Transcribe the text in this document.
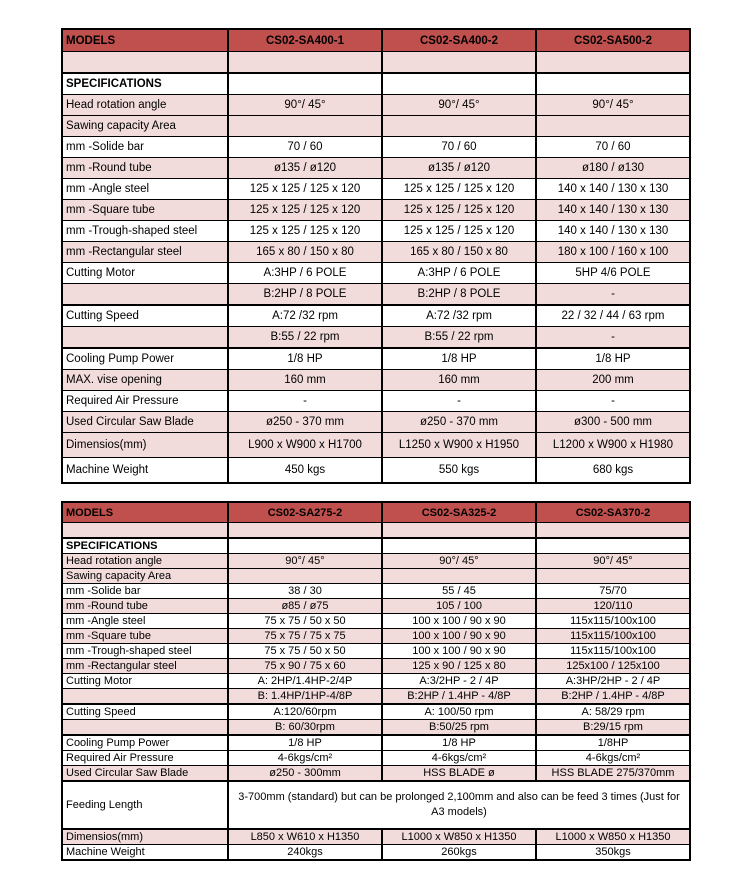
MODELS	CS02-SA400-1	CS02-SA400-2	CS02-SA500-2

SPECIFICATIONS			
Head rotation angle	90°/ 45°	90°/ 45°	90°/ 45°
Sawing capacity Area			
mm -Solide bar	70 / 60	70 / 60	70 / 60
mm -Round tube	ø135 / ø120	ø135 / ø120	ø180 / ø130
mm -Angle steel	125 x 125 / 125 x 120	125 x 125 / 125 x 120	140 x 140 / 130 x 130
mm -Square tube	125 x 125 / 125 x 120	125 x 125 / 125 x 120	140 x 140 / 130 x 130
mm -Trough-shaped steel	125 x 125 / 125 x 120	125 x 125 / 125 x 120	140 x 140 / 130 x 130
mm -Rectangular steel	165 x 80 / 150 x 80	165 x 80 / 150 x 80	180 x 100 / 160 x 100
Cutting Motor	A:3HP / 6 POLE	A:3HP / 6 POLE	5HP 4/6 POLE
	B:2HP / 8 POLE	B:2HP / 8 POLE	-
Cutting Speed	A:72 /32 rpm	A:72 /32 rpm	22 / 32 / 44 / 63 rpm
	B:55 / 22 rpm	B:55 / 22 rpm	-
Cooling Pump Power	1/8 HP	1/8 HP	1/8 HP
MAX. vise opening	160 mm	160 mm	200 mm
Required Air Pressure	-	-	-
Used Circular Saw Blade	ø250 - 370 mm	ø250 - 370 mm	ø300 - 500 mm
Dimensios(mm)	L900 x W900 x H1700	L1250 x W900 x H1950	L1200 x W900 x H1980
Machine Weight	450 kgs	550 kgs	680 kgs
MODELS	CS02-SA275-2	CS02-SA325-2	CS02-SA370-2

SPECIFICATIONS			
Head rotation angle	90°/ 45°	90°/ 45°	90°/ 45°
Sawing capacity Area			
mm -Solide bar	38 / 30	55 / 45	75/70
mm -Round tube	ø85 / ø75	105 / 100	120/110
mm -Angle steel	75 x 75 / 50 x 50	100 x 100 / 90 x 90	115x115/100x100
mm -Square tube	75 x 75 / 75 x 75	100 x 100 / 90 x 90	115x115/100x100
mm -Trough-shaped steel	75 x 75 / 50 x 50	100 x 100 / 90 x 90	115x115/100x100
mm -Rectangular steel	75 x 90 / 75 x 60	125 x 90 / 125 x 80	125x100 / 125x100
Cutting Motor	A: 2HP/1.4HP-2/4P	A:3/2HP - 2 / 4P	A:3HP/2HP - 2 / 4P
	B: 1.4HP/1HP-4/8P	B:2HP / 1.4HP - 4/8P	B:2HP / 1.4HP - 4/8P
Cutting Speed	A:120/60rpm	A: 100/50 rpm	A: 58/29 rpm
	B: 60/30rpm	B:50/25 rpm	B:29/15 rpm
Cooling Pump Power	1/8 HP	1/8 HP	1/8HP
Required Air Pressure	4-6kgs/cm²	4-6kgs/cm²	4-6kgs/cm²
Used Circular Saw Blade	ø250 - 300mm	HSS BLADE ø	HSS BLADE 275/370mm
Feeding Length	3-700mm (standard) but can be prolonged 2,100mm and also can be feed 3 times (Just for A3 models)		
Dimensios(mm)	L850 x W610 x H1350	L1000 x W850 x H1350	L1000 x W850 x H1350
Machine Weight	240kgs	260kgs	350kgs
